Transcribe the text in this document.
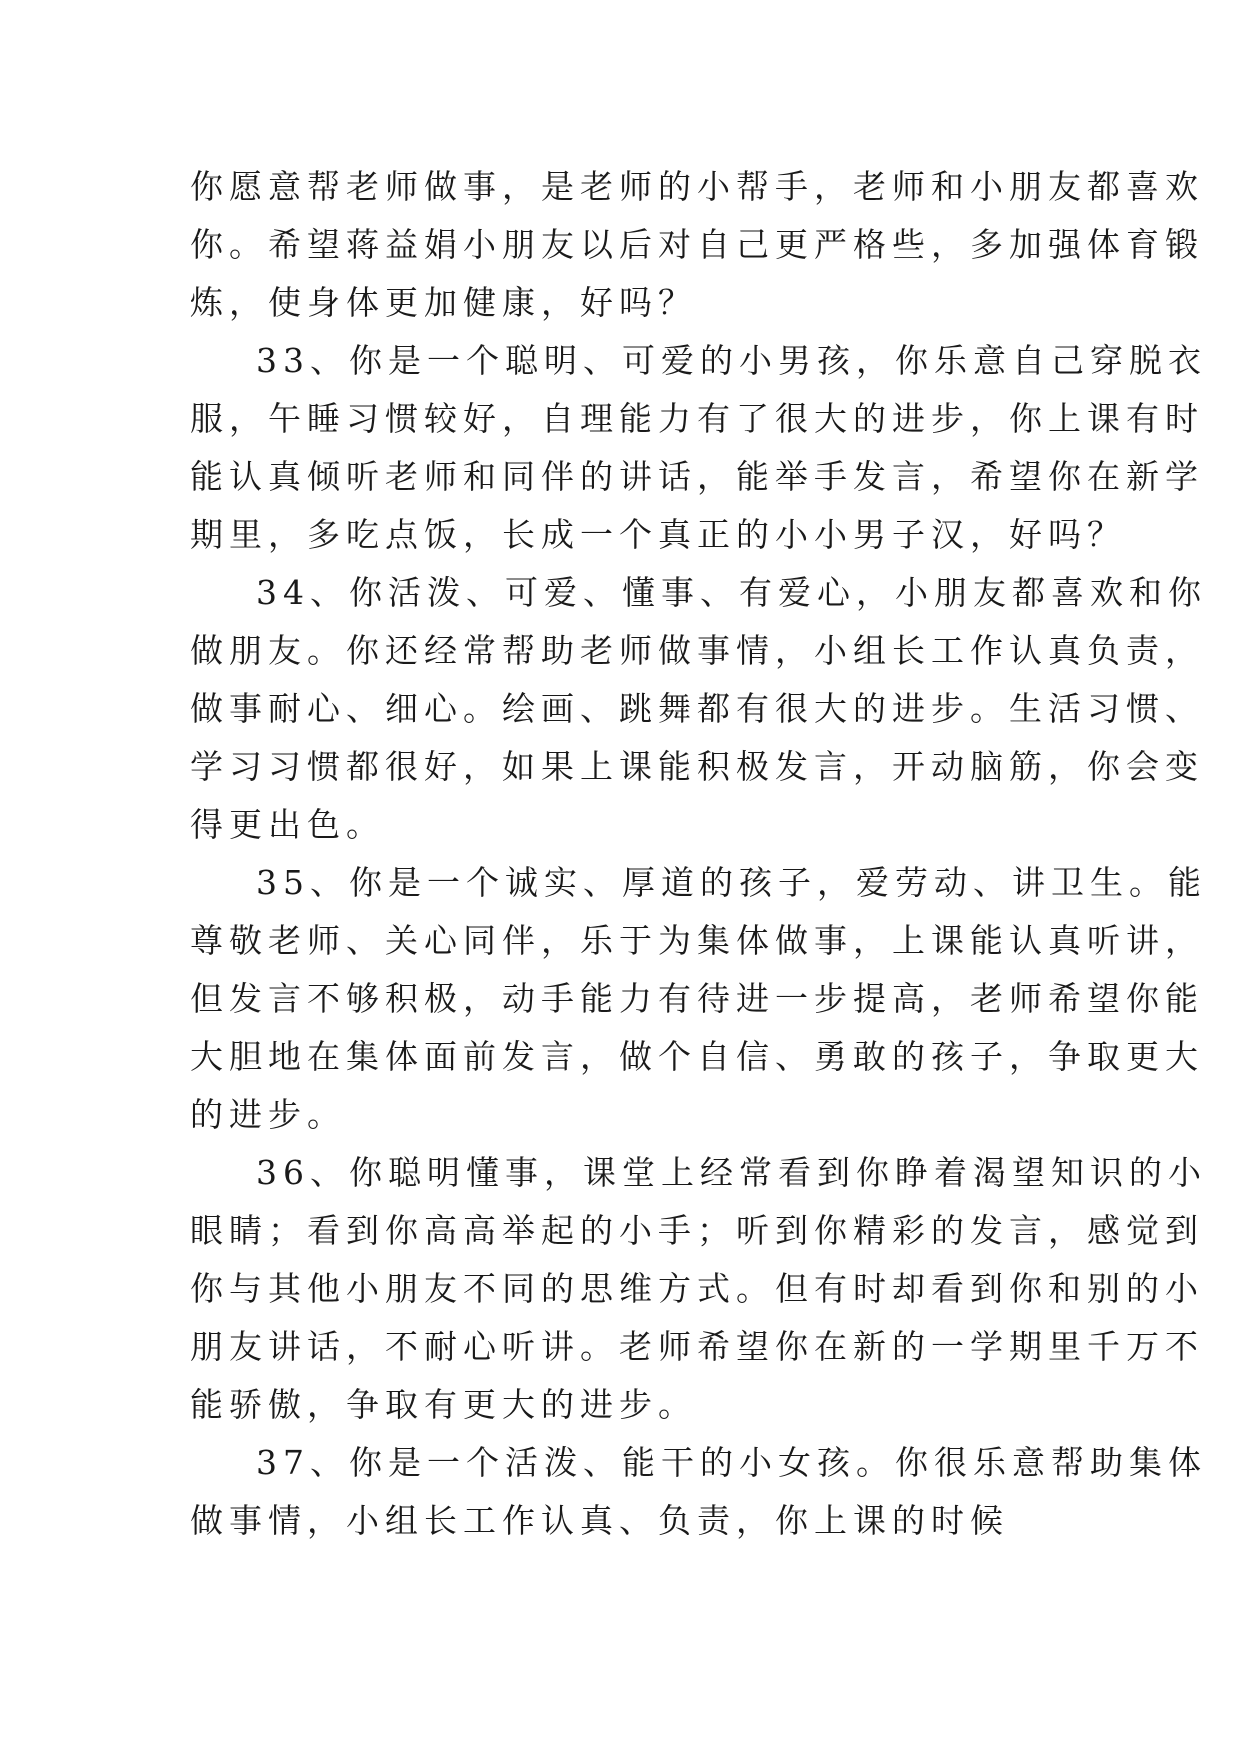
你愿意帮老师做事，是老师的小帮手，老师和小朋友都喜欢
你。希望蒋益娟小朋友以后对自己更严格些，多加强体育锻
炼，使身体更加健康，好吗？
33、你是一个聪明、可爱的小男孩，你乐意自己穿脱衣
服，午睡习惯较好，自理能力有了很大的进步，你上课有时
能认真倾听老师和同伴的讲话，能举手发言，希望你在新学
期里，多吃点饭，长成一个真正的小小男子汉，好吗？
34、你活泼、可爱、懂事、有爱心，小朋友都喜欢和你
做朋友。你还经常帮助老师做事情，小组长工作认真负责，
做事耐心、细心。绘画、跳舞都有很大的进步。生活习惯、
学习习惯都很好，如果上课能积极发言，开动脑筋，你会变
得更出色。
35、你是一个诚实、厚道的孩子，爱劳动、讲卫生。能
尊敬老师、关心同伴，乐于为集体做事，上课能认真听讲，
但发言不够积极，动手能力有待进一步提高，老师希望你能
大胆地在集体面前发言，做个自信、勇敢的孩子，争取更大
的进步。
36、你聪明懂事，课堂上经常看到你睁着渴望知识的小
眼睛；看到你高高举起的小手；听到你精彩的发言，感觉到
你与其他小朋友不同的思维方式。但有时却看到你和别的小
朋友讲话，不耐心听讲。老师希望你在新的一学期里千万不
能骄傲，争取有更大的进步。
37、你是一个活泼、能干的小女孩。你很乐意帮助集体
做事情，小组长工作认真、负责，你上课的时候
